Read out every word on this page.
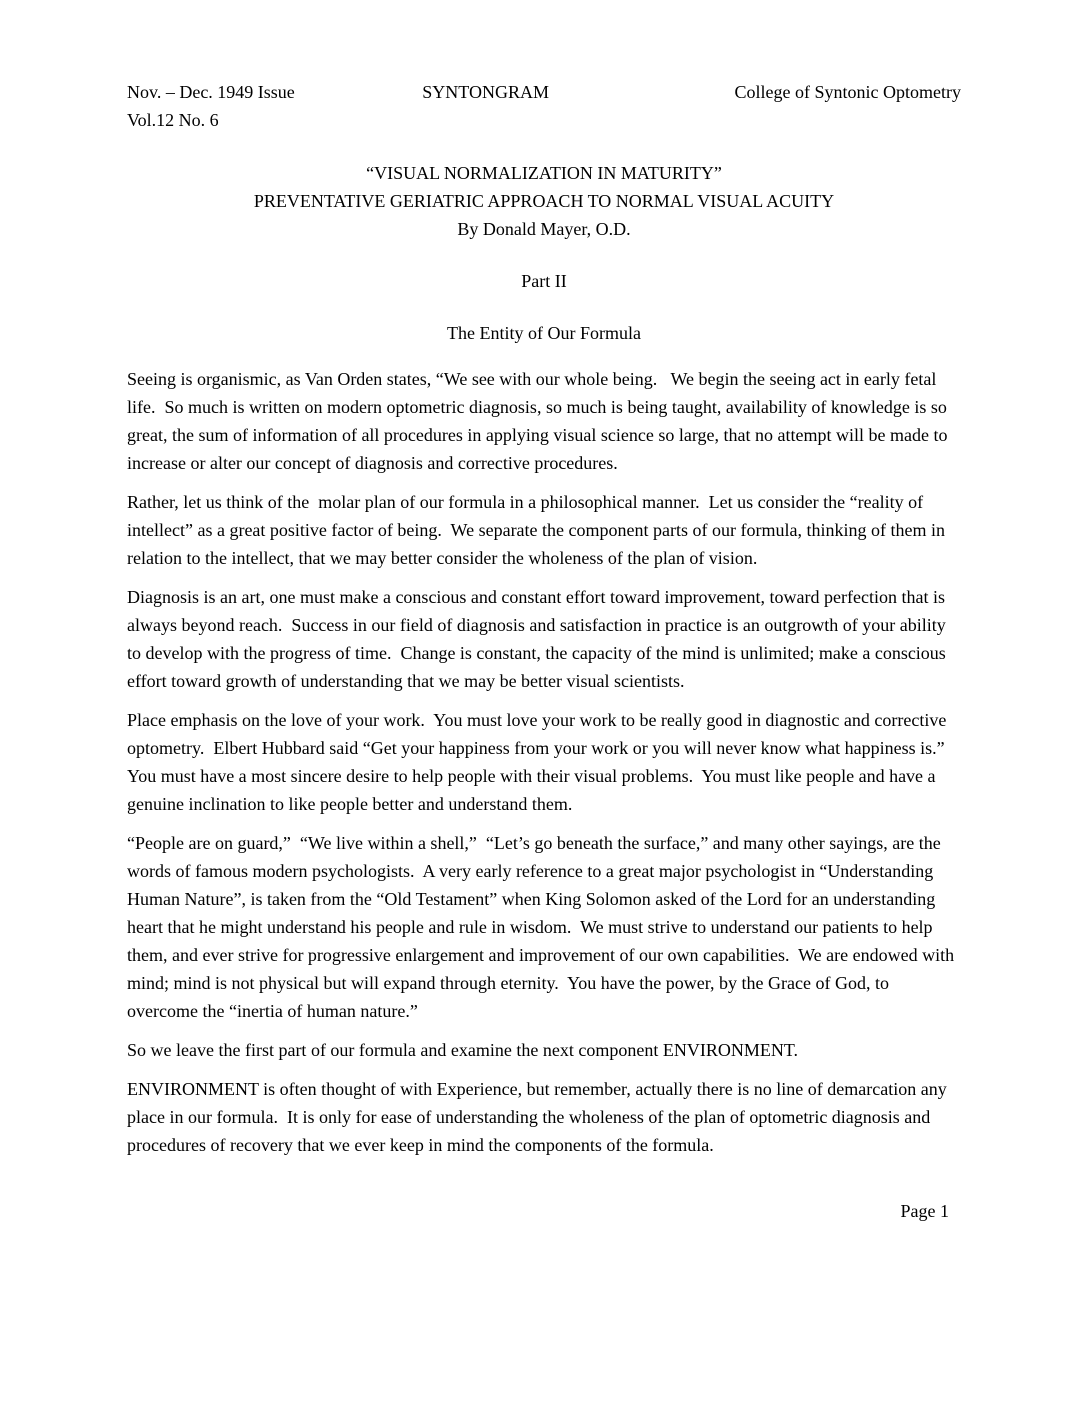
Nov. – Dec. 1949 Issue	SYNTONGRAM	College of Syntonic Optometry
Vol.12 No. 6
“VISUAL NORMALIZATION IN MATURITY”
PREVENTATIVE GERIATRIC APPROACH TO NORMAL VISUAL ACUITY
By Donald Mayer, O.D.
Part II
The Entity of Our Formula

Seeing is organismic, as Van Orden states, “We see with our whole being.   We begin the seeing act in early fetal life.  So much is written on modern optometric diagnosis, so much is being taught, availability of knowledge is so great, the sum of information of all procedures in applying visual science so large, that no attempt will be made to increase or alter our concept of diagnosis and corrective procedures.

Rather, let us think of the  molar plan of our formula in a philosophical manner.  Let us consider the “reality of intellect” as a great positive factor of being.  We separate the component parts of our formula, thinking of them in relation to the intellect, that we may better consider the wholeness of the plan of vision.

Diagnosis is an art, one must make a conscious and constant effort toward improvement, toward perfection that is always beyond reach.  Success in our field of diagnosis and satisfaction in practice is an outgrowth of your ability to develop with the progress of time.  Change is constant, the capacity of the mind is unlimited; make a conscious effort toward growth of understanding that we may be better visual scientists.

Place emphasis on the love of your work.  You must love your work to be really good in diagnostic and corrective optometry.  Elbert Hubbard said “Get your happiness from your work or you will never know what happiness is.”  You must have a most sincere desire to help people with their visual problems.  You must like people and have a genuine inclination to like people better and understand them.

“People are on guard,”  “We live within a shell,”  “Let’s go beneath the surface,” and many other sayings, are the words of famous modern psychologists.  A very early reference to a great major psychologist in “Understanding Human Nature”, is taken from the “Old Testament” when King Solomon asked of the Lord for an understanding heart that he might understand his people and rule in wisdom.  We must strive to understand our patients to help them, and ever strive for progressive enlargement and improvement of our own capabilities.  We are endowed with mind; mind is not physical but will expand through eternity.  You have the power, by the Grace of God, to overcome the “inertia of human nature.”

So we leave the first part of our formula and examine the next component ENVIRONMENT.

ENVIRONMENT is often thought of with Experience, but remember, actually there is no line of demarcation any place in our formula.  It is only for ease of understanding the wholeness of the plan of optometric diagnosis and procedures of recovery that we ever keep in mind the components of the formula.

Page 1
